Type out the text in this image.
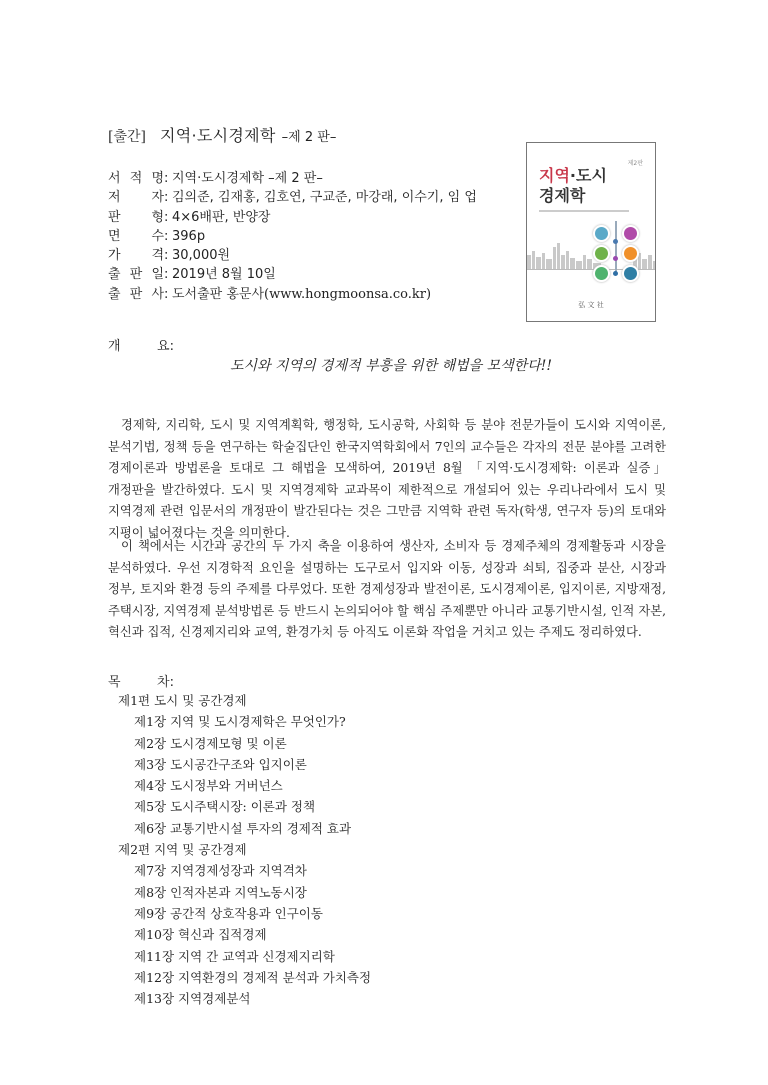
[출간] 지역·도시경제학 –제 2 판–
서 적 명 : 지역·도시경제학 –제 2 판–
저 자 : 김의준, 김재홍, 김호연, 구교준, 마강래, 이수기, 임 업
판 형 : 4×6배판, 반양장
면 수 : 396p
가 격 : 30,000원
출 판 일 : 2019년 8월 10일
출 판 사 : 도서출판 홍문사(www.hongmoonsa.co.kr)
제2판
지역·도시
경제학
弘 文 社
개	요:
도시와 지역의 경제적 부흥을 위한 해법을 모색한다!!

경제학, 지리학, 도시 및 지역계획학, 행정학, 도시공학, 사회학 등 분야 전문가들이 도시와 지역이론, 분석기법, 정책 등을 연구하는 학술집단인 한국지역학회에서 7인의 교수들은 각자의 전문 분야를 고려한 경제이론과 방법론을 토대로 그 해법을 모색하여, 2019년 8월 「지역·도시경제학: 이론과 실증」 개정판을 발간하였다. 도시 및 지역경제학 교과목이 제한적으로 개설되어 있는 우리나라에서 도시 및 지역경제 관련 입문서의 개정판이 발간된다는 것은 그만큼 지역학 관련 독자(학생, 연구자 등)의 토대와 지평이 넓어졌다는 것을 의미한다.

이 책에서는 시간과 공간의 두 가지 축을 이용하여 생산자, 소비자 등 경제주체의 경제활동과 시장을 분석하였다. 우선 지경학적 요인을 설명하는 도구로서 입지와 이동, 성장과 쇠퇴, 집중과 분산, 시장과 정부, 토지와 환경 등의 주제를 다루었다. 또한 경제성장과 발전이론, 도시경제이론, 입지이론, 지방재정, 주택시장, 지역경제 분석방법론 등 반드시 논의되어야 할 핵심 주제뿐만 아니라 교통기반시설, 인적 자본, 혁신과 집적, 신경제지리와 교역, 환경가치 등 아직도 이론화 작업을 거치고 있는 주제도 정리하였다.

목	차:
제1편 도시 및 공간경제
제1장 지역 및 도시경제학은 무엇인가?
제2장 도시경제모형 및 이론
제3장 도시공간구조와 입지이론
제4장 도시정부와 거버넌스
제5장 도시주택시장: 이론과 정책
제6장 교통기반시설 투자의 경제적 효과
제2편 지역 및 공간경제
제7장 지역경제성장과 지역격차
제8장 인적자본과 지역노동시장
제9장 공간적 상호작용과 인구이동
제10장 혁신과 집적경제
제11장 지역 간 교역과 신경제지리학
제12장 지역환경의 경제적 분석과 가치측정
제13장 지역경제분석
